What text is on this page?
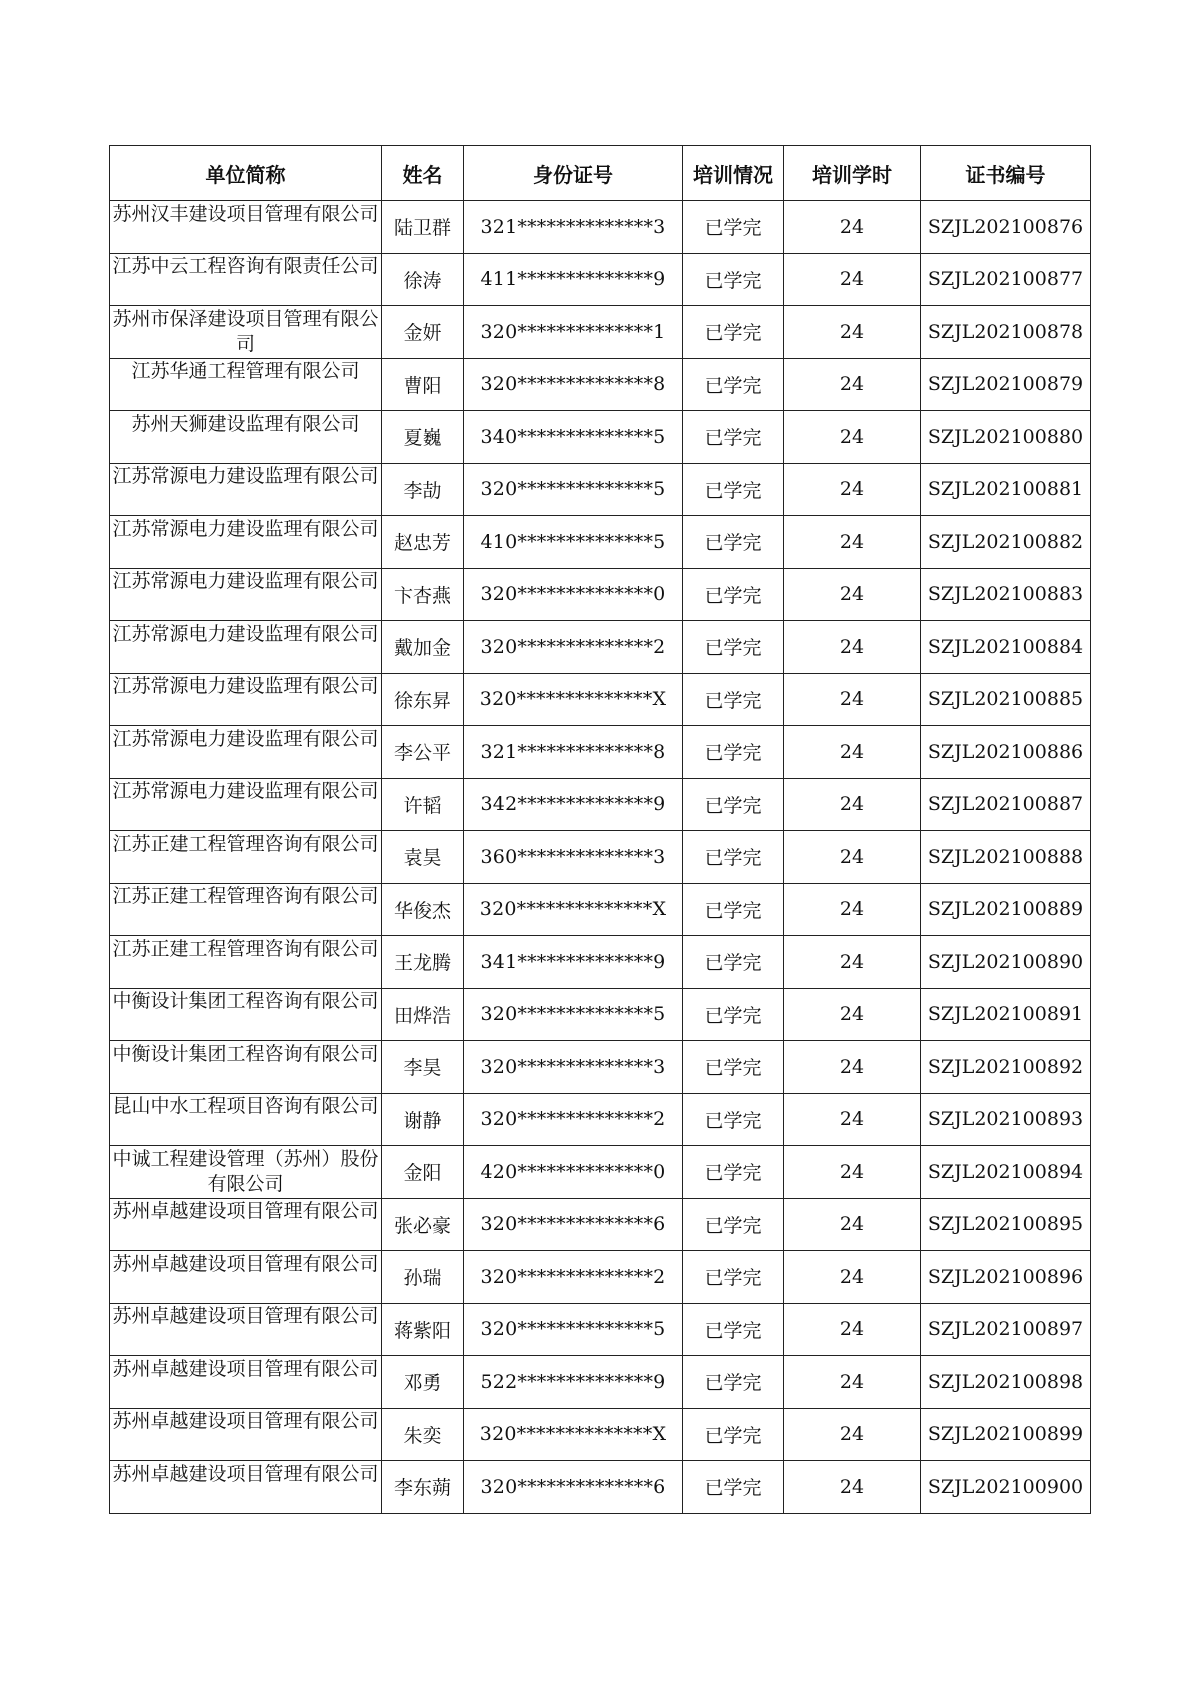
单位简称	姓名	身份证号	培训情况	培训学时	证书编号

苏州汉丰建设项目管理有限公司	陆卫群	321**************3	已学完	24	SZJL202100876

江苏中云工程咨询有限责任公司	徐涛	411**************9	已学完	24	SZJL202100877

苏州市保泽建设项目管理有限公司	金妍	320**************1	已学完	24	SZJL202100878

江苏华通工程管理有限公司	曹阳	320**************8	已学完	24	SZJL202100879

苏州天狮建设监理有限公司	夏巍	340**************5	已学完	24	SZJL202100880

江苏常源电力建设监理有限公司	李劼	320**************5	已学完	24	SZJL202100881

江苏常源电力建设监理有限公司	赵忠芳	410**************5	已学完	24	SZJL202100882

江苏常源电力建设监理有限公司	卞杏燕	320**************0	已学完	24	SZJL202100883

江苏常源电力建设监理有限公司	戴加金	320**************2	已学完	24	SZJL202100884

江苏常源电力建设监理有限公司	徐东昇	320**************X	已学完	24	SZJL202100885

江苏常源电力建设监理有限公司	李公平	321**************8	已学完	24	SZJL202100886

江苏常源电力建设监理有限公司	许韬	342**************9	已学完	24	SZJL202100887

江苏正建工程管理咨询有限公司	袁昊	360**************3	已学完	24	SZJL202100888

江苏正建工程管理咨询有限公司	华俊杰	320**************X	已学完	24	SZJL202100889

江苏正建工程管理咨询有限公司	王龙腾	341**************9	已学完	24	SZJL202100890

中衡设计集团工程咨询有限公司	田烨浩	320**************5	已学完	24	SZJL202100891

中衡设计集团工程咨询有限公司	李昊	320**************3	已学完	24	SZJL202100892

昆山中水工程项目咨询有限公司	谢静	320**************2	已学完	24	SZJL202100893

中诚工程建设管理（苏州）股份有限公司	金阳	420**************0	已学完	24	SZJL202100894

苏州卓越建设项目管理有限公司	张必豪	320**************6	已学完	24	SZJL202100895

苏州卓越建设项目管理有限公司	孙瑞	320**************2	已学完	24	SZJL202100896

苏州卓越建设项目管理有限公司	蒋紫阳	320**************5	已学完	24	SZJL202100897

苏州卓越建设项目管理有限公司	邓勇	522**************9	已学完	24	SZJL202100898

苏州卓越建设项目管理有限公司	朱奕	320**************X	已学完	24	SZJL202100899

苏州卓越建设项目管理有限公司	李东蒴	320**************6	已学完	24	SZJL202100900
